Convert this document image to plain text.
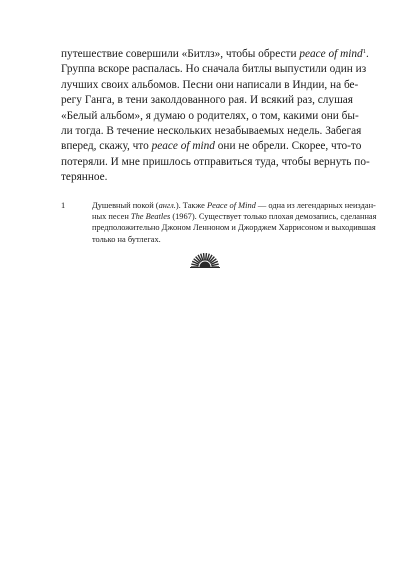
путешествие совершили «Битлз», чтобы обрести peace of mind$^1$.
Группа вскоре распалась. Но сначала битлы выпустили один из
лучших своих альбомов. Песни они написали в Индии, на бе-
регу Ганга, в тени заколдованного рая. И всякий раз, слушая
«Белый альбом», я думаю о родителях, о том, какими они бы-
ли тогда. В течение нескольких незабываемых недель. Забегая
вперед, скажу, что peace of mind они не обрели. Скорее, что-то
потеряли. И мне пришлось отправиться туда, чтобы вернуть по-
терянное.
1	Душевный покой (англ.). Также Peace of Mind — одна из легендарных неиздан-
ных песен The Beatles (1967). Существует только плохая демозапись, сделанная
предположительно Джоном Ленноном и Джорджем Харрисоном и выходившая
только на бутлегах.
